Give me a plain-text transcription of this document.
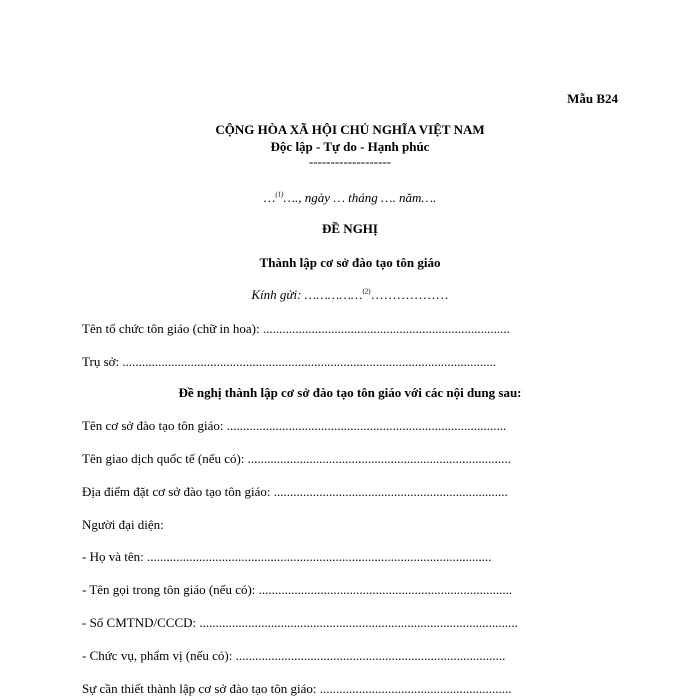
Mẫu B24
CỘNG HÒA XÃ HỘI CHỦ NGHĨA VIỆT NAM
Độc lập - Tự do - Hạnh phúc
-------------------
…$^{(1)}$…., ngày … tháng …. năm….
ĐỀ NGHỊ
Thành lập cơ sở đào tạo tôn giáo
Kính gửi: ……………$^{(2)}$………………
Tên tổ chức tôn giáo (chữ in hoa): ............................................................................
Trụ sở: ...................................................................................................................
Đề nghị thành lập cơ sở đào tạo tôn giáo với các nội dung sau:
Tên cơ sở đào tạo tôn giáo: ......................................................................................
Tên giao dịch quốc tế (nếu có): .................................................................................
Địa điểm đặt cơ sở đào tạo tôn giáo: ........................................................................
Người đại diện:
- Họ và tên: ..........................................................................................................
- Tên gọi trong tôn giáo (nếu có): ..............................................................................
- Số CMTND/CCCD: ..................................................................................................
- Chức vụ, phẩm vị (nếu có): ...................................................................................
Sự cần thiết thành lập cơ sở đào tạo tôn giáo: ...........................................................
